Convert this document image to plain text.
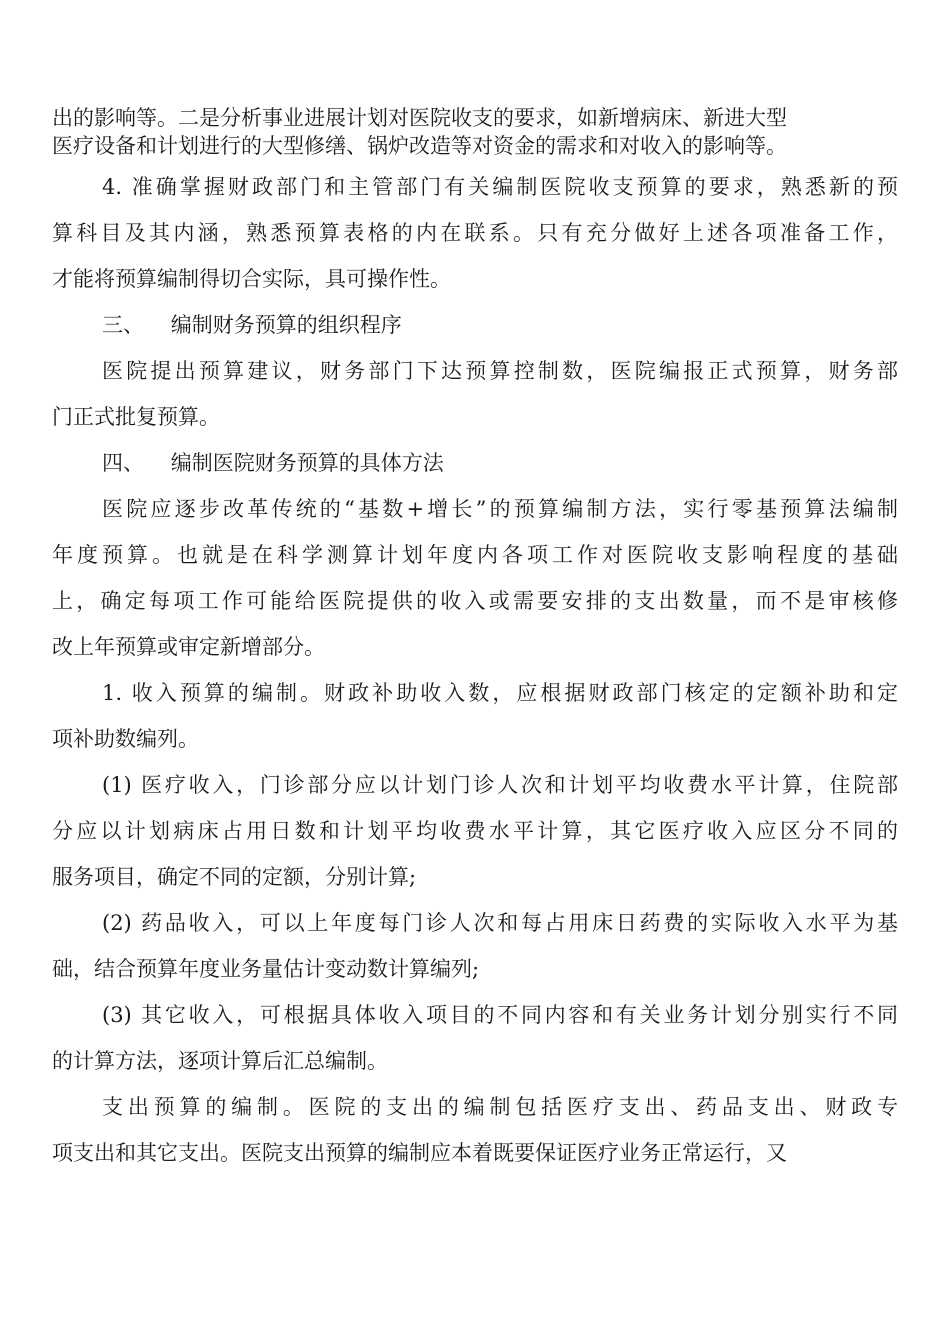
出的影响等。二是分析事业进展计划对医院收支的要求，如新增病床、新进大型
医疗设备和计划进行的大型修缮、锅炉改造等对资金的需求和对收入的影响等。
4. 准确掌握财政部门和主管部门有关编制医院收支预算的要求，熟悉新的预
算科目及其内涵，熟悉预算表格的内在联系。只有充分做好上述各项准备工作，
才能将预算编制得切合实际，具可操作性。
三、    编制财务预算的组织程序
医院提出预算建议，财务部门下达预算控制数，医院编报正式预算，财务部
门正式批复预算。
四、    编制医院财务预算的具体方法
医院应逐步改革传统的“基数+增长”的预算编制方法，实行零基预算法编制
年度预算。也就是在科学测算计划年度内各项工作对医院收支影响程度的基础
上，确定每项工作可能给医院提供的收入或需要安排的支出数量，而不是审核修
改上年预算或审定新增部分。
1. 收入预算的编制。财政补助收入数，应根据财政部门核定的定额补助和定
项补助数编列。
(1) 医疗收入，门诊部分应以计划门诊人次和计划平均收费水平计算，住院部
分应以计划病床占用日数和计划平均收费水平计算，其它医疗收入应区分不同的
服务项目，确定不同的定额，分别计算;
(2) 药品收入，可以上年度每门诊人次和每占用床日药费的实际收入水平为基
础，结合预算年度业务量估计变动数计算编列;
(3) 其它收入，可根据具体收入项目的不同内容和有关业务计划分别实行不同
的计算方法，逐项计算后汇总编制。
支出预算的编制。医院的支出的编制包括医疗支出、药品支出、财政专
项支出和其它支出。医院支出预算的编制应本着既要保证医疗业务正常运行，又
